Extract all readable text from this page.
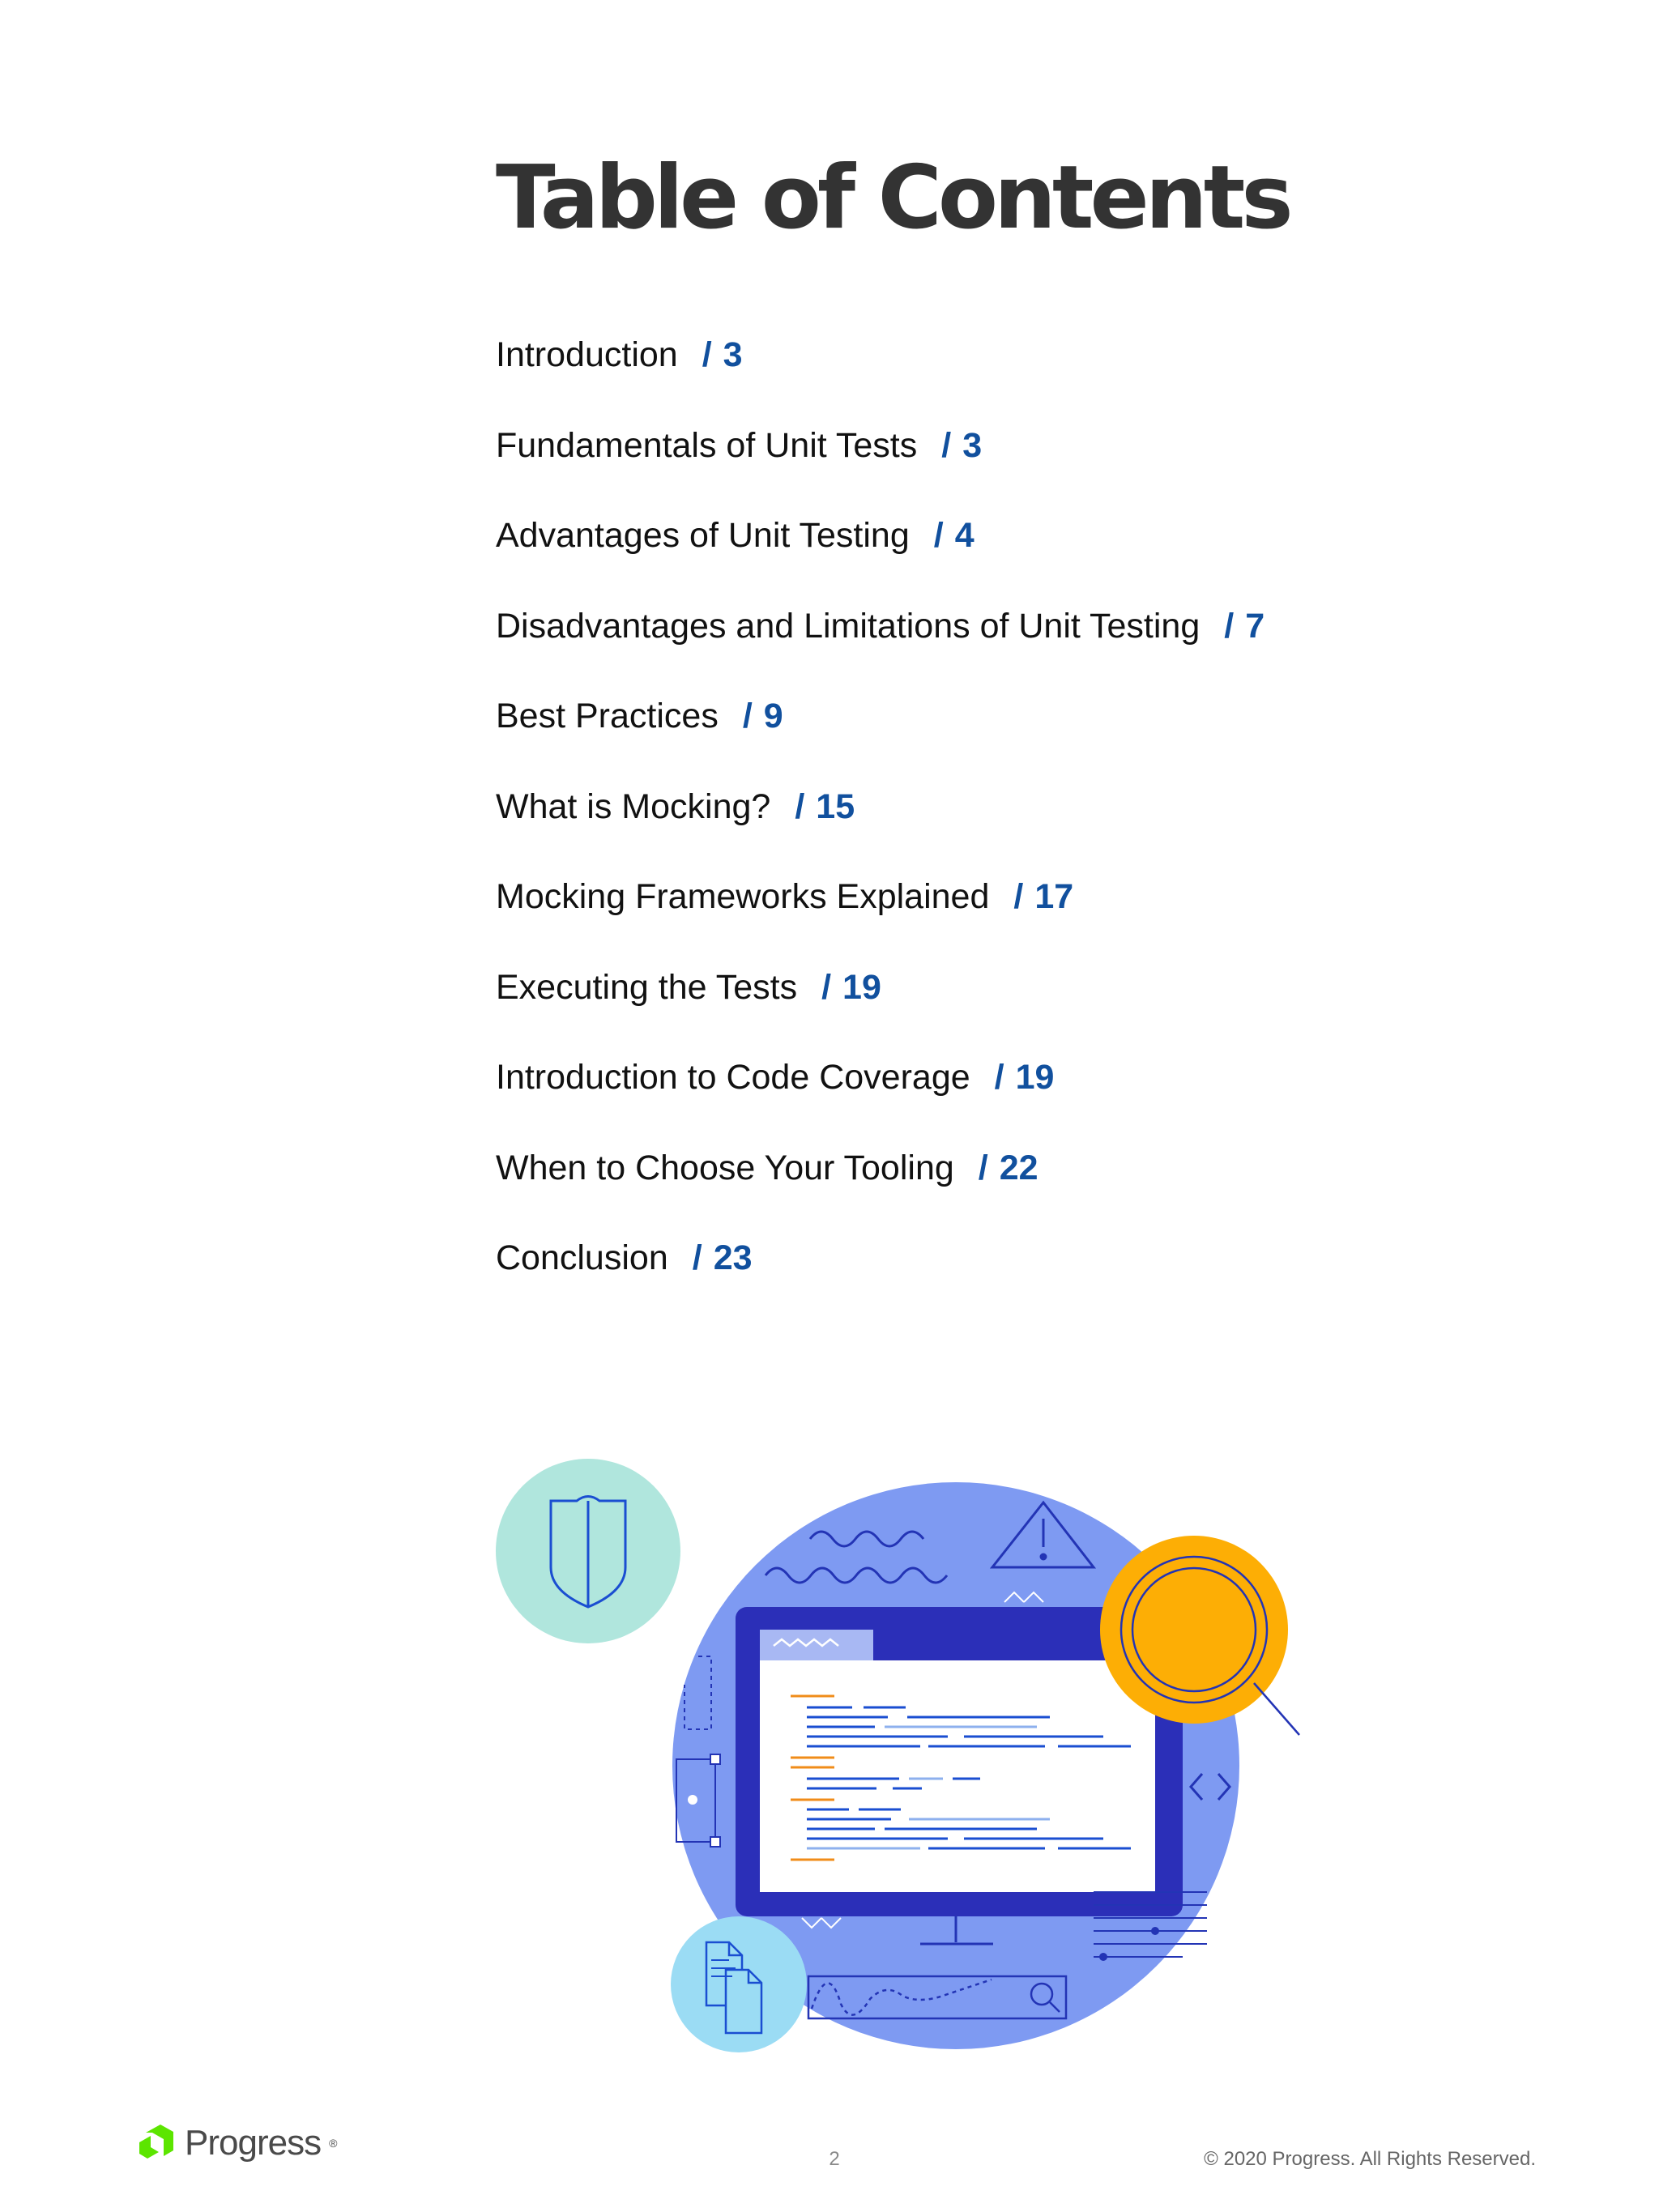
Table of Contents
Introduction / 3
Fundamentals of Unit Tests / 3
Advantages of Unit Testing / 4
Disadvantages and Limitations of Unit Testing / 7
Best Practices / 9
What is Mocking? / 15
Mocking Frameworks Explained / 17
Executing the Tests / 19
Introduction to Code Coverage / 19
When to Choose Your Tooling / 22
Conclusion / 23
Progress ®
2	© 2020 Progress. All Rights Reserved.
